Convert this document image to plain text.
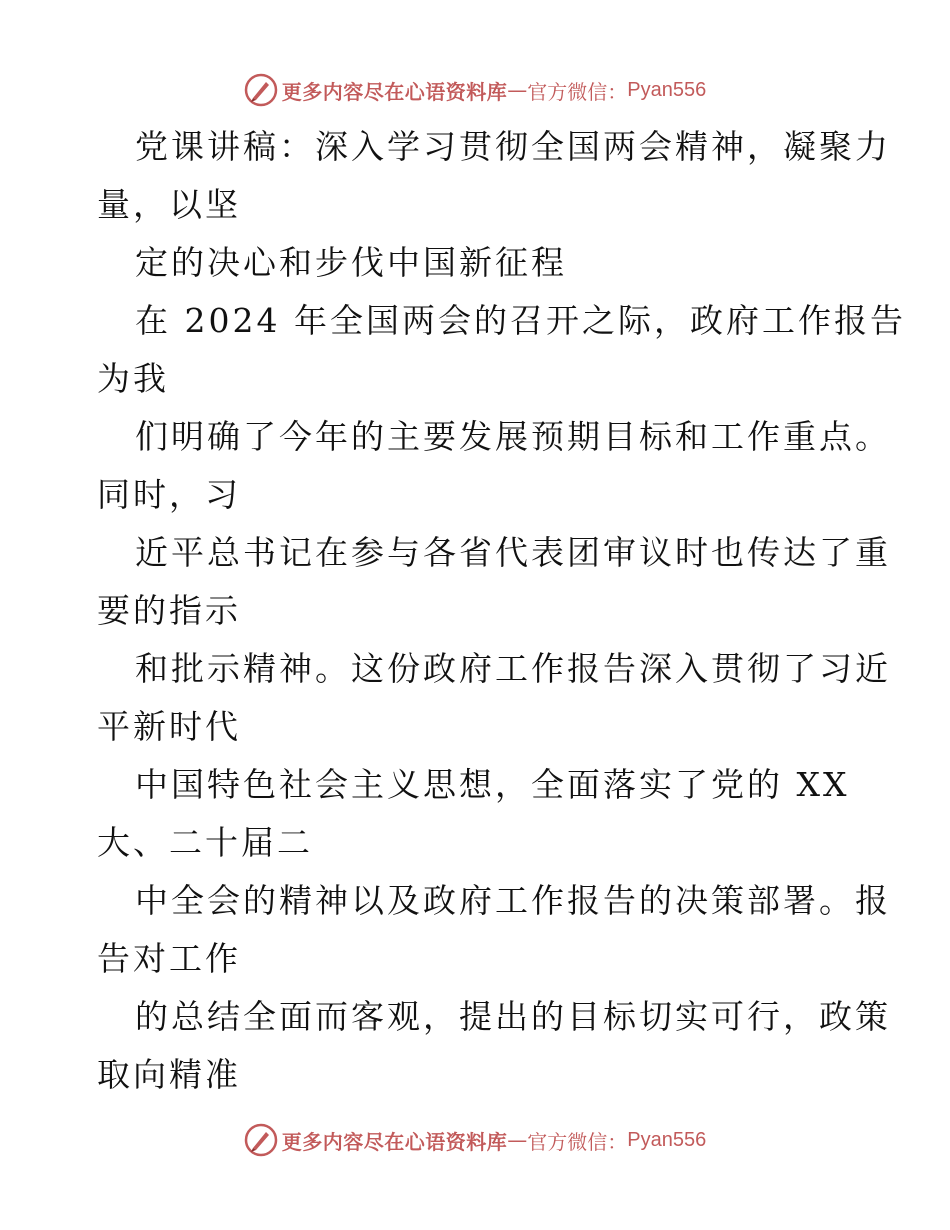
更多内容尽在心语资料库 — 官方微信： Pyan556
党课讲稿：深入学习贯彻全国两会精神，凝聚力
量，以坚
定的决心和步伐中国新征程
在 2024 年全国两会的召开之际，政府工作报告
为我
们明确了今年的主要发展预期目标和工作重点。
同时，习
近平总书记在参与各省代表团审议时也传达了重
要的指示
和批示精神。这份政府工作报告深入贯彻了习近
平新时代
中国特色社会主义思想，全面落实了党的 XX
大、二十届二
中全会的精神以及政府工作报告的决策部署。报
告对工作
的总结全面而客观，提出的目标切实可行，政策
取向精准
更多内容尽在心语资料库 — 官方微信： Pyan556
